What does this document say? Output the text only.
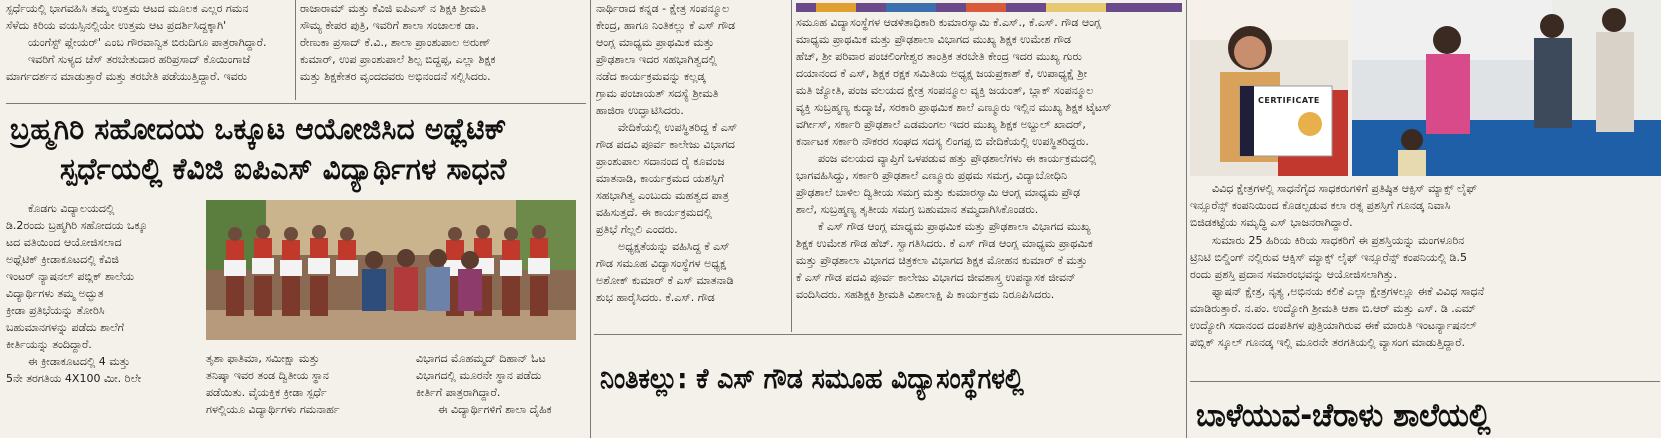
ಸ್ಪರ್ಧೆಯಲ್ಲಿ ಭಾಗವಹಿಸಿ ತಮ್ಮ ಉತ್ತಮ ಆಟದ ಮೂಲಕ ಎಲ್ಲರ ಗಮನ

ಸೆಳೆದು ಕಿರಿಯ ವಯಸ್ಸಿನಲ್ಲಿಯೇ ಉತ್ತಮ ಆಟ ಪ್ರದರ್ಶಿಸಿದ್ದಕ್ಕಾಗಿ'

ಯಂಗೆಸ್ಟ್ ಪ್ಲೇಯರ್' ಎಂಬ ಗೌರವಾನ್ವಿತ ಬಿರುದಿಗೂ ಪಾತ್ರರಾಗಿದ್ದಾರೆ.

ಇವರಿಗೆ ಸುಳ್ಯದ ಚೆಸ್ ತರಬೇತುದಾರ ಹರಿಪ್ರಸಾದ್ ಕೊಯಿಂಗಾಜೆ

ಮಾರ್ಗದರ್ಶನ ಮಾಡುತ್ತಾರೆ ಮತ್ತು ತರಬೇತಿ ಪಡೆಯುತ್ತಿದ್ದಾರೆ. ಇವರು

ರಾಜಾರಾಮ್ ಮತ್ತು ಕೆವಿಜಿ ಐಪಿಎಸ್ ನ ಶಿಕ್ಷಕಿ ಶ್ರೀಮತಿ

ಸೌಮ್ಯ ಕೇಪರ ಪುತ್ರಿ, ಇವರಿಗೆ ಶಾಲಾ ಸಂಚಾಲಕ ಡಾ.

ರೇಣುಕಾ ಪ್ರಸಾದ್ ಕೆ.ವಿ., ಶಾಲಾ ಪ್ರಾಂಶುಪಾಲ ಅರುಣ್

ಕುಮಾರ್, ಉಪ ಪ್ರಾಂಶುಪಾಲೆ ಶಿಲ್ಪ ಬಿದ್ದಪ್ಪ, ಎಲ್ಲಾ ಶಿಕ್ಷಕ

ಮತ್ತು ಶಿಕ್ಷಕೇತರ ವೃಂದದವರು ಅಭಿನಂದನೆ ಸಲ್ಲಿಸಿದರು.

ಬ್ರಹ್ಮಗಿರಿ ಸಹೋದಯ ಒಕ್ಕೂಟ ಆಯೋಜಿಸಿದ ಅಥ್ಲೆಟಿಕ್
ಸ್ಪರ್ಧೆಯಲ್ಲಿ ಕೆವಿಜಿ ಐಪಿಎಸ್ ವಿದ್ಯಾರ್ಥಿಗಳ ಸಾಧನೆ

ಕೊಡಗು ವಿದ್ಯಾಲಯದಲ್ಲಿ

ಡಿ.2ರಂದು ಬ್ರಹ್ಮಗಿರಿ ಸಹೋದಯ ಒಕ್ಕೂ

ಟದ ವತಿಯಿಂದ ಆಯೋಜಿಸಲಾದ

ಅಥ್ಲೆಟಿಕ್ ಕ್ರೀಡಾಕೂಟದಲ್ಲಿ ಕೆವಿಜಿ

ಇಂಟರ್ ನ್ಯಾಷನಲ್ ಪಬ್ಲಿಕ್ ಶಾಲೆಯ

ವಿದ್ಯಾರ್ಥಿಗಳು ತಮ್ಮ ಅದ್ಭುತ

ಕ್ರೀಡಾ ಪ್ರತಿಭೆಯನ್ನು ತೋರಿಸಿ

ಬಹುಮಾನಗಳನ್ನು ಪಡೆದು ಶಾಲೆಗೆ

ಕೀರ್ತಿಯನ್ನು ತಂದಿದ್ದಾರೆ.

ಈ ಕ್ರೀಡಾಕೂಟದಲ್ಲಿ 4 ಮತ್ತು

5ನೇ ತರಗತಿಯ 4X100 ಮೀ. ರಿಲೇ

ತೃಶಾ ಫಾತಿಮಾ, ಸಮೀಕ್ಷಾ ಮತ್ತು

ತನಿಷ್ಕಾ ಇವರ ತಂಡ ದ್ವಿತೀಯ ಸ್ಥಾನ

ಪಡೆಯಿತು. ವೈಯಕ್ತಿಕ ಕ್ರೀಡಾ ಸ್ಪರ್ಧೆ

ಗಳಲ್ಲಿಯೂ ವಿದ್ಯಾರ್ಥಿಗಳು ಗಮನಾರ್ಹ

ವಿಭಾಗದ ಮೊಹಮ್ಮದ್ ದಿಹಾನ್ ಓಟ

ವಿಭಾಗದಲ್ಲಿ ಮೂರನೇ ಸ್ಥಾನ ಪಡೆದು

ಕೀರ್ತಿಗೆ ಪಾತ್ರರಾಗಿದ್ದಾರೆ.

ಈ ವಿದ್ಯಾರ್ಥಿಗಳಿಗೆ ಶಾಲಾ ದೈಹಿಕ

ನಾರ್ಥಿರಾದ ಕನ್ನಡ - ಕ್ಷೇತ್ರ ಸಂಪನ್ಮೂಲ

ಕೇಂದ್ರ, ಹಾಗೂ ನಿಂತಿಕಲ್ಲು ಕೆ ಎಸ್ ಗೌಡ

ಆಂಗ್ಲ ಮಾಧ್ಯಮ ಪ್ರಾಥಮಿಕ ಮತ್ತು

ಪ್ರೌಢಶಾಲಾ ಇದರ ಸಹಭಾಗಿತ್ವದಲ್ಲಿ

ನಡೆದ ಕಾರ್ಯಕ್ರಮವನ್ನು ಕಲ್ಲಡ್ಕ

ಗ್ರಾಮ ಪಂಚಾಯತ್ ಸದಸ್ಯೆ ಶ್ರೀಮತಿ

ಹಾಜಿರಾ ಉದ್ಘಾಟಿಸಿದರು.

ವೇದಿಕೆಯಲ್ಲಿ ಉಪಸ್ಥಿತರಿದ್ದ ಕೆ ಎಸ್

ಗೌಡ ಪದವಿ ಪೂರ್ವ ಕಾಲೇಜು ವಿಭಾಗದ

ಪ್ರಾಂಶುಪಾಲ ಸದಾನಂದ ರೈ ಕೂವಂಜ

ಮಾತನಾಡಿ, ಕಾರ್ಯಕ್ರಮದ ಯಶಸ್ಸಿಗೆ

ಸಹಭಾಗಿತ್ವ ಎಂಬುದು ಮಹತ್ವದ ಪಾತ್ರ

ವಹಿಸುತ್ತದೆ. ಈ ಕಾರ್ಯಕ್ರಮದಲ್ಲಿ

ಪ್ರತಿಭೆ ಗೆಲ್ಲಲಿ ಎಂದರು.

ಅಧ್ಯಕ್ಷತೆಯನ್ನು ವಹಿಸಿದ್ದ ಕೆ ಎಸ್

ಗೌಡ ಸಮೂಹ ವಿದ್ಯಾಸಂಸ್ಥೆಗಳ ಅಧ್ಯಕ್ಷ

ಅಶೋಕ್ ಕುಮಾರ್ ಕೆ ಎಸ್ ಮಾತನಾಡಿ

ಶುಭ ಹಾರೈಸಿದರು. ಕೆ.ಎಸ್. ಗೌಡ

ಸಮೂಹ ವಿದ್ಯಾಸಂಸ್ಥೆಗಳ ಆಡಳಿತಾಧಿಕಾರಿ ಕುಮಾರಸ್ವಾಮಿ ಕೆ.ಎಸ್., ಕೆ.ಎಸ್. ಗೌಡ ಆಂಗ್ಲ

ಮಾಧ್ಯಮ ಪ್ರಾಥಮಿಕ ಮತ್ತು ಪ್ರೌಢಶಾಲಾ ವಿಭಾಗದ ಮುಖ್ಯ ಶಿಕ್ಷಕ ಉಮೇಶ ಗೌಡ

ಹೆಚ್, ಶ್ರೀ ಪರಿವಾರ ಪಂಚಲಿಂಗೇಶ್ವರ ತಾಂತ್ರಿಕ ತರಬೇತಿ ಕೇಂದ್ರ ಇದರ ಮುಖ್ಯ ಗುರು

ದಯಾನಂದ ಕೆ ಎಸ್, ಶಿಕ್ಷಕ ರಕ್ಷಕ ಸಮಿತಿಯ ಅಧ್ಯಕ್ಷ ಜಯಪ್ರಕಾಶ್ ಕೆ, ಉಪಾಧ್ಯಕ್ಷೆ ಶ್ರೀ

ಮತಿ ಜ್ಯೋತಿ, ಪಂಜ ವಲಯದ ಕ್ಷೇತ್ರ ಸಂಪನ್ಮೂಲ ವ್ಯಕ್ತಿ ಜಯಂತ್, ಬ್ಲಾಕ್ ಸಂಪನ್ಮೂಲ

ವ್ಯಕ್ತಿ ಸುಬ್ರಹ್ಮಣ್ಯ ಕುದ್ಮಾಜೆ, ಸರಕಾರಿ ಪ್ರಾಥಮಿಕ ಶಾಲೆ ಎಣ್ಮೂರು ಇಲ್ಲಿನ ಮುಖ್ಯ ಶಿಕ್ಷಕ ಟೈಟಸ್

ವರ್ಗೀಸ್, ಸರ್ಕಾರಿ ಪ್ರೌಢಶಾಲೆ ಎಡಮಂಗಲ ಇದರ ಮುಖ್ಯ ಶಿಕ್ಷಕ ಅಬ್ದುಲ್ ಖಾದರ್,

ಕರ್ನಾಟಕ ಸರ್ಕಾರಿ ನೌಕರರ ಸಂಘದ ಸದಸ್ಯ ಲಿಂಗಪ್ಪ ಬಿ ವೇದಿಕೆಯಲ್ಲಿ ಉಪಸ್ಥಿತರಿದ್ದರು.

ಪಂಜ ವಲಯದ ವ್ಯಾಪ್ತಿಗೆ ಒಳಪಡುವ ಹತ್ತು ಪ್ರೌಢಶಾಲೆಗಳು ಈ ಕಾರ್ಯಕ್ರಮದಲ್ಲಿ

ಭಾಗವಹಿಸಿದ್ದು, ಸರ್ಕಾರಿ ಪ್ರೌಢಶಾಲೆ ಎಣ್ಮೂರು ಪ್ರಥಮ ಸಮಗ್ರ, ವಿದ್ಯಾಬೋಧಿನಿ

ಪ್ರೌಢಶಾಲೆ ಬಾಳಿಲ ದ್ವಿತೀಯ ಸಮಗ್ರ ಮತ್ತು ಕುಮಾರಸ್ವಾಮಿ ಆಂಗ್ಲ ಮಾಧ್ಯಮ ಪ್ರೌಢ

ಶಾಲೆ, ಸುಬ್ರಹ್ಮಣ್ಯ ತೃತೀಯ ಸಮಗ್ರ ಬಹುಮಾನ ತಮ್ಮದಾಗಿಸಿಕೊಂಡರು.

ಕೆ ಎಸ್ ಗೌಡ ಆಂಗ್ಲ ಮಾಧ್ಯಮ ಪ್ರಾಥಮಿಕ ಮತ್ತು ಪ್ರೌಢಶಾಲಾ ವಿಭಾಗದ ಮುಖ್ಯ

ಶಿಕ್ಷಕ ಉಮೇಶ ಗೌಡ ಹೆಚ್. ಸ್ವಾಗತಿಸಿದರು. ಕೆ ಎಸ್ ಗೌಡ ಆಂಗ್ಲ ಮಾಧ್ಯಮ ಪ್ರಾಥಮಿಕ

ಮತ್ತು ಪ್ರೌಢಶಾಲಾ ವಿಭಾಗದ ಚಿತ್ರಕಲಾ ವಿಭಾಗದ ಶಿಕ್ಷಕ ಮೋಹನ ಕುಮಾರ್ ಕೆ ಮತ್ತು

ಕೆ ಎಸ್ ಗೌಡ ಪದವಿ ಪೂರ್ವ ಕಾಲೇಜು ವಿಭಾಗದ ಜೀವಶಾಸ್ತ್ರ ಉಪನ್ಯಾಸಕ ಜೀವನ್

ವಂದಿಸಿದರು. ಸಹಶಿಕ್ಷಕಿ ಶ್ರೀಮತಿ ವಿಶಾಲಾಕ್ಷಿ ಪಿ ಕಾರ್ಯಕ್ರಮ ನಿರೂಪಿಸಿದರು.

ನಿಂತಿಕಲ್ಲು: ಕೆ ಎಸ್ ಗೌಡ ಸಮೂಹ ವಿದ್ಯಾಸಂಸ್ಥೆಗಳಲ್ಲಿ
CERTIFICATE

ವಿವಿಧ ಕ್ಷೇತ್ರಗಳಲ್ಲಿ ಸಾಧನೆಗೈದ ಸಾಧಕರುಗಳಿಗೆ ಪ್ರತಿಷ್ಠಿತ ಆಕ್ಸಿಸ್ ಮ್ಯಾಕ್ಸ್ ಲೈಫ್

ಇನ್ಸೂರೆನ್ಸ್ ಕಂಪನಿಯಿಂದ ಕೊಡಲ್ಪಡುವ ಕಲಾ ರತ್ನ ಪ್ರಶಸ್ತಿಗೆ ಗೂನಡ್ಕ ನಿವಾಸಿ

ಬಿಜಿಡಕಟ್ಟೆಯ ಸಮೃದ್ಧಿ ಎಸ್ ಭಾಜನರಾಗಿದ್ದಾರೆ.

ಸುಮಾರು 25 ಹಿರಿಯ ಕಿರಿಯ ಸಾಧಕರಿಗೆ ಈ ಪ್ರಶಸ್ತಿಯನ್ನು ಮಂಗಳೂರಿನ

ಟ್ರಿನಿಟಿ ಬಿಲ್ಡಿಂಗ್ ನಲ್ಲಿರುವ ಆಕ್ಸಿಸ್ ಮ್ಯಾಕ್ಸ್ ಲೈಫ್ ಇನ್ಸೂರೆನ್ಸ್ ಕಂಪನಿಯಲ್ಲಿ ಡಿ.5

ರಂದು ಪ್ರಶಸ್ತಿ ಪ್ರದಾನ ಸಮಾರಂಭವನ್ನು ಆಯೋಜಿಸಲಾಗಿತ್ತು.

ಫ್ಯಾಷನ್ ಕ್ಷೇತ್ರ, ನೃತ್ಯ ,ಅಭಿನಯ ಕಲಿಕೆ ಎಲ್ಲಾ ಕ್ಷೇತ್ರಗಳಲ್ಲೂ ಈಕೆ ವಿವಿಧ ಸಾಧನೆ

ಮಾಡಿರುತ್ತಾರೆ. ನ.ಪಂ. ಉದ್ಯೋಗಿ ಶ್ರೀಮತಿ ಆಶಾ ಬಿ.ಆರ್ ಮತ್ತು ಎಸ್. ಡಿ .ಎಮ್

ಉದ್ಯೋಗಿ ಸದಾನಂದ ದಂಪತಿಗಳ ಪುತ್ರಿಯಾಗಿರುವ ಈಕೆ ಮಾರುತಿ ಇಂಟರ್ನ್ಯಾಷನಲ್

ಪಬ್ಲಿಕ್ ಸ್ಕೂಲ್ ಗೂನಡ್ಕ ಇಲ್ಲಿ ಮೂರನೇ ತರಗತಿಯಲ್ಲಿ ವ್ಯಾಸಂಗ ಮಾಡುತ್ತಿದ್ದಾರೆ.

ಬಾಳೆಯುವ-ಚೆರಾಳು ಶಾಲೆಯಲ್ಲಿ
